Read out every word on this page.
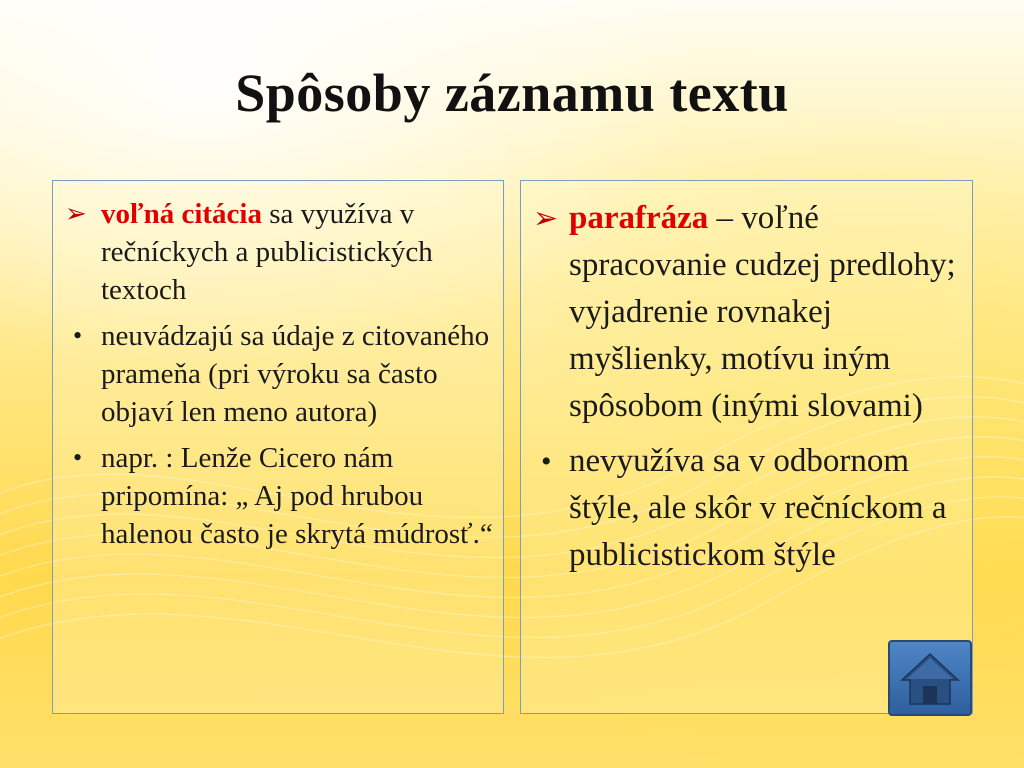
Spôsoby záznamu textu
➢ voľná citácia sa využíva v rečníckych a publicistických textoch
• neuvádzajú sa údaje z citovaného prameňa (pri výroku sa často objaví len meno autora)
• napr. : Lenže Cicero nám pripomína: „ Aj pod hrubou halenou často je skrytá múdrosť.“
➢ parafráza – voľné spracovanie cudzej predlohy; vyjadrenie rovnakej myšlienky, motívu iným spôsobom (inými slovami)
• nevyužíva sa v odbornom štýle, ale skôr v rečníckom a publicistickom štýle
